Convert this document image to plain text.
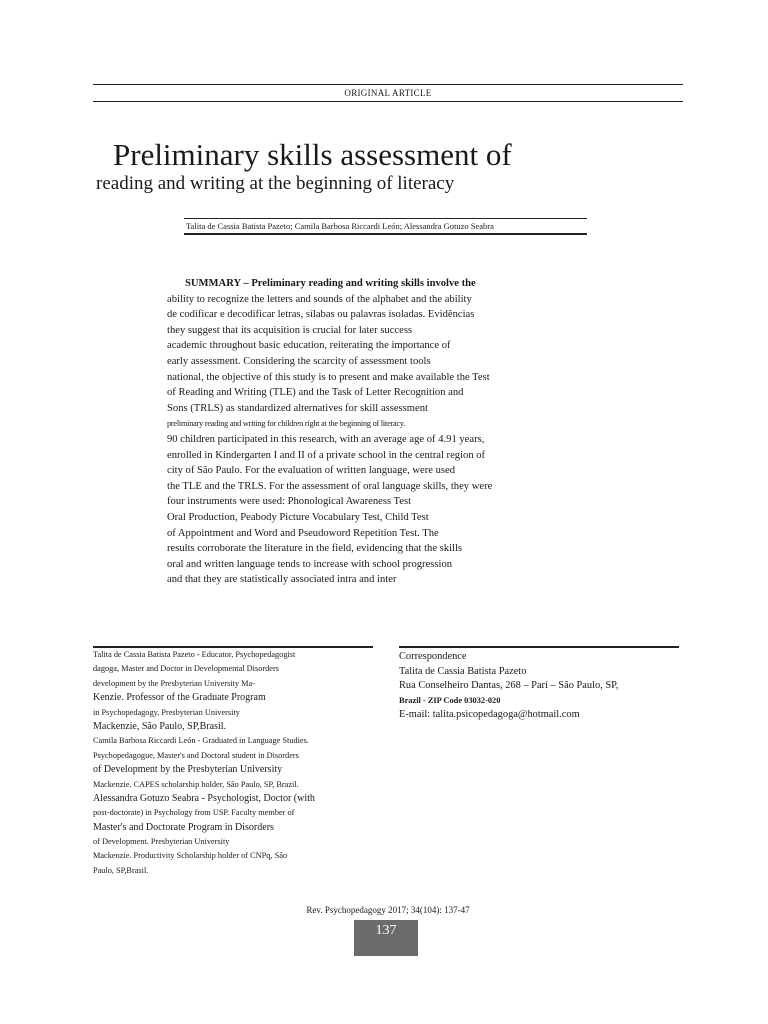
ORIGINAL ARTICLE
Preliminary skills assessment of
reading and writing at the beginning of literacy
Talita de Cassia Batista Pazeto; Camila Barbosa Riccardi León; Alessandra Gotuzo Seabra
SUMMARY – Preliminary reading and writing skills involve the
ability to recognize the letters and sounds of the alphabet and the ability
de codificar e decodificar letras, sílabas ou palavras isoladas. Evidências
they suggest that its acquisition is crucial for later success
academic throughout basic education, reiterating the importance of
early assessment. Considering the scarcity of assessment tools
national, the objective of this study is to present and make available the Test
of Reading and Writing (TLE) and the Task of Letter Recognition and
Sons (TRLS) as standardized alternatives for skill assessment
preliminary reading and writing for children right at the beginning of literacy.
90 children participated in this research, with an average age of 4.91 years,
enrolled in Kindergarten I and II of a private school in the central region of
city of São Paulo. For the evaluation of written language, were used
the TLE and the TRLS. For the assessment of oral language skills, they were
four instruments were used: Phonological Awareness Test
Oral Production, Peabody Picture Vocabulary Test, Child Test
of Appointment and Word and Pseudoword Repetition Test. The
results corroborate the literature in the field, evidencing that the skills
oral and written language tends to increase with school progression
and that they are statistically associated intra and inter
Talita de Cassia Batista Pazeto - Educator, Psychopedagogist
dagoga, Master and Doctor in Developmental Disorders
development by the Presbyterian University Ma-
Kenzie. Professor of the Graduate Program
in Psychopedagogy, Presbyterian University
Mackenzie, São Paulo, SP,Brasil.
Camila Barbosa Riccardi León - Graduated in Language Studies.
Psychopedagogue, Master's and Doctoral student in Disorders
of Development by the Presbyterian University
Mackenzie. CAPES scholarship holder, São Paulo, SP, Brazil.
Alessandra Gotuzo Seabra - Psychologist, Doctor (with
post-doctorate) in Psychology from USP. Faculty member of
Master's and Doctorate Program in Disorders
of Development. Presbyterian University
Mackenzie. Productivity Scholarship holder of CNPq, São
Paulo, SP,Brasil.
Correspondence
Talita de Cassia Batista Pazeto
Rua Conselheiro Dantas, 268 – Pari – São Paulo, SP,
Brazil - ZIP Code 03032-020
E-mail: talita.psicopedagoga@hotmail.com
Rev. Psychopedagogy 2017; 34(104): 137-47
137
